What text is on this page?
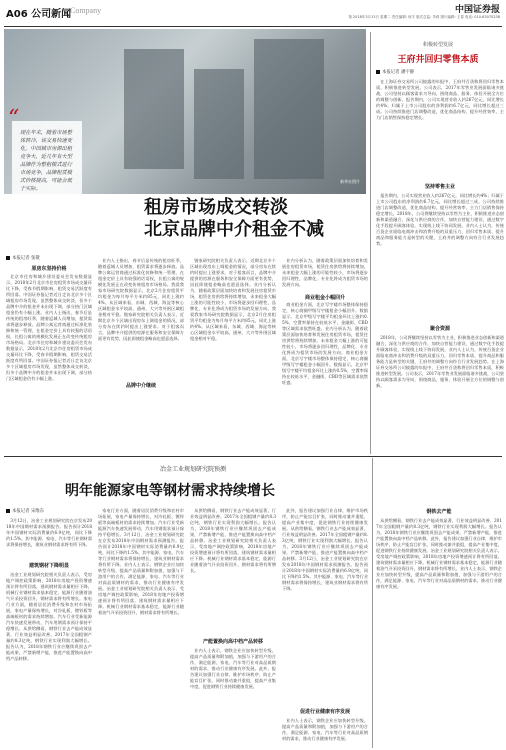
A06 公司新闻
Company	中国证券报
第 2018年3月13日 星期二 责任编辑: 何宇 版式总监: 毕莉 图片编辑: 王春 电话: 010-63070238
新华社图片
“
现在年末，随着市场整体转冷，该交易快速变化，中国城市房源出租竞争大，近几年有大型品牌作为整租模式进行市场竞争，品牌租赁模式价格提高，可能会低于实际。
租房市场成交转淡
北京品牌中介租金不减
本报记者 张敬
原房东坚持价格
北京市住房和城乡建设委员会发布数据显示，2018年2月北京市住房租赁市场成交量环比下降，受春节假期影响，租赁交易活跃度有所回落。中国证券报记者近日走访北京多个区域租房市场发现，虽然整体成交转淡，但多个品牌中介的租金并未出现下调，部分热门区域租金仍有小幅上涨。业内人士指出，春节后是传统的租房旺季，随着返城人员增加，租赁需求将逐步释放。品牌公寓运营商通过标准化装修和统一管理，在租金定价上具有较强的话语权，长租公寓的规模化发展正在改变传统租房市场格局。北京市住房和城乡建设委员会发布数据显示，2018年2月北京市住房租赁市场成交量环比下降，受春节假期影响，租赁交易活跃度有所回落。中国证券报记者近日走访北京多个区域租房市场发现，虽然整体成交转淡，但多个品牌中介的租金并未出现下调，部分热门区域租金仍有小幅上涨。
业内人士指出，春节后是传统的租房旺季，随着返城人员增加，租赁需求将逐步释放。品牌公寓运营商通过标准化装修和统一管理，在租金定价上具有较强的话语权，长租公寓的规模化发展正在改变传统租房市场格局。我爱我家市场研究院数据显示，北京2月住房租赁平均租金为每月每平方米约85元，同比上涨约4%。从区域来看，东城、西城、海淀等核心区域租金水平较高，通州、大兴等外围区域租金相对平稳。链家研究院相关负责人表示，近期北京多个区域出现房东上调租金的情况，部分房东在续约时提出上涨要求。对于租客而言，品牌中介提供的房源在服务和安全保障方面更有优势，因此即使租金略高也愿意选择。
品牌中介继续
链家研究院相关负责人表示，近期北京多个区域出现房东上调租金的情况，部分房东在续约时提出上涨要求。对于租客而言，品牌中介提供的房源在服务和安全保障方面更有优势，因此即使租金略高也愿意选择。业内分析认为，随着政策层面加快培育和发展住房租赁市场，租赁住房供给将持续增加，未来租金大幅上涨的可能性较小，市场将逐步回归理性，品牌化、专业化将成为租赁市场的发展方向。我爱我家市场研究院数据显示，北京2月住房租赁平均租金为每月每平方米约85元，同比上涨约4%。从区域来看，东城、西城、海淀等核心区域租金水平较高，通州、大兴等外围区域租金相对平稳。
商业租金小幅回升
业内分析认为，随着政策层面加快培育和发展住房租赁市场，租赁住房供给将持续增加，未来租金大幅上涨的可能性较小，市场将逐步回归理性，品牌化、专业化将成为租赁市场的发展方向。
商业租金方面，北京写字楼市场整体保持稳定，核心商圈甲级写字楼租金小幅回升。数据显示，北京甲级写字楼平均租金环比上涨约0.5%，空置率保持在较低水平，金融街、CBD等区域需求依然旺盛。业内分析认为，随着政策层面加快培育和发展住房租赁市场，租赁住房供给将持续增加，未来租金大幅上涨的可能性较小，市场将逐步回归理性，品牌化、专业化将成为租赁市场的发展方向。商业租金方面，北京写字楼市场整体保持稳定，核心商圈甲级写字楼租金小幅回升。数据显示，北京甲级写字楼平均租金环比上涨约0.5%，空置率保持在较低水平，金融街、CBD等区域需求依然旺盛。
积极转型发展
王府井回归零售本质
本报记者 潘宇静
在上海证券交易所公司披露的年报中，王府井百货称将回归零售本质，积极推进转型发展。公司表示，2017年零售业发展面临诸多挑战，公司坚持以顾客需求为导向，围绕商品、服务、体验开展全方位的调整与创新。报告期内，公司实现营业收入约267亿元，同比增长约4%；归属于上市公司股东的净利润约6.7亿元，同比增长超过三成。公司持续推进门店调整改造，优化商品结构，提升经营效率，主力门店销售保持稳定增长。
坚持零售主业
报告期内，公司实现营业收入约267亿元，同比增长约4%；归属于上市公司股东的净利润约6.7亿元，同比增长超过三成。公司持续推进门店调整改造，优化商品结构，提升经营效率，主力门店销售保持稳定增长。2018年，公司将继续坚持以零售为主业，积极推进业态创新和渠道融合，深化与供应商的合作，加快自营能力建设，通过数字化手段提升顾客体验，实现线上线下协同发展。业内人士认为，传统百货企业面临电商冲击和消费升级的双重压力，回归零售本质、提升商品和服务能力是转型的关键，王府井的调整方向符合行业发展趋势。
聚合资源
2018年，公司将继续坚持以零售为主业，积极推进业态创新和渠道融合，深化与供应商的合作，加快自营能力建设，通过数字化手段提升顾客体验，实现线上线下协同发展。业内人士认为，传统百货企业面临电商冲击和消费升级的双重压力，回归零售本质、提升商品和服务能力是转型的关键，王府井的调整方向符合行业发展趋势。在上海证券交易所公司披露的年报中，王府井百货称将回归零售本质，积极推进转型发展。公司表示，2017年零售业发展面临诸多挑战，公司坚持以顾客需求为导向，围绕商品、服务、体验开展全方位的调整与创新。
冶金工业规划研究院预测
明年能源家电等钢材需求持续增长
本报记者 宋维东
3月12日，冶金工业规划研究院在京发布2018年中国钢材需求预测报告。报告预计2018年中国钢材实际消费量约6.9亿吨，同比下降约1.5%。其中能源、家电、汽车等行业钢材需求将保持增长，建筑业钢材需求将有所下降。
建筑钢材下降明显
冶金工业规划研究院相关负责人表示，受房地产调控政策影响，2018年房地产投资增速预计将有所回落，建筑钢材需求量相应下降。机械行业钢材需求基本稳定，能源行业随着油气开采投资回升，钢材需求将有所增长。家电行业方面，随着居民消费升级和农村市场拓展，家电产量保持增长，对冷轧板、镀锌板等高端板材的需求持续增加。汽车行业受新能源汽车快速发展带动，汽车用钢需求预计保持平稳增长。从供给侧看，钢铁行业去产能成效显著，行业效益明显改善。2017年全国粗钢产量约8.3亿吨，钢铁行业实现利润大幅增长。报告认为，2018年钢铁行业应继续巩固去产能成果，严禁新增产能，推进产能置换向高中档产品转移。
家电行业方面，随着居民消费升级和农村市场拓展，家电产量保持增长，对冷轧板、镀锌板等高端板材的需求持续增加。汽车行业受新能源汽车快速发展带动，汽车用钢需求预计保持平稳增长。3月12日，冶金工业规划研究院在京发布2018年中国钢材需求预测报告。报告预计2018年中国钢材实际消费量约6.9亿吨，同比下降约1.5%。其中能源、家电、汽车等行业钢材需求将保持增长，建筑业钢材需求将有所下降。业内人士表示，钢铁企业应加快转型升级，提高产品质量和附加值，加强与下游用户的合作，满足能源、家电、汽车等行业对高品质钢材的需求，推动行业健康有序发展。冶金工业规划研究院相关负责人表示，受房地产调控政策影响，2018年房地产投资增速预计将有所回落，建筑钢材需求量相应下降。机械行业钢材需求基本稳定，能源行业随着油气开采投资回升，钢材需求将有所增长。
从供给侧看，钢铁行业去产能成效显著，行业效益明显改善。2017年全国粗钢产量约8.3亿吨，钢铁行业实现利润大幅增长。报告认为，2018年钢铁行业应继续巩固去产能成果，严禁新增产能，推进产能置换向高中档产品转移。冶金工业规划研究院相关负责人表示，受房地产调控政策影响，2018年房地产投资增速预计将有所回落，建筑钢材需求量相应下降。机械行业钢材需求基本稳定，能源行业随着油气开采投资回升，钢材需求将有所增长。
产能置换向高中档产品转移
业内人士表示，钢铁企业应加快转型升级，提高产品质量和附加值，加强与下游用户的合作，满足能源、家电、汽车等行业对高品质钢材的需求，推动行业健康有序发展。此外，报告建议加强行业自律，维护市场秩序，防止产能盲目扩张，同时推动兼并重组，提高产业集中度，促进钢铁行业持续健康发展。
此外，报告建议加强行业自律，维护市场秩序，防止产能盲目扩张，同时推动兼并重组，提高产业集中度，促进钢铁行业持续健康发展。从供给侧看，钢铁行业去产能成效显著，行业效益明显改善。2017年全国粗钢产量约8.3亿吨，钢铁行业实现利润大幅增长。报告认为，2018年钢铁行业应继续巩固去产能成果，严禁新增产能，推进产能置换向高中档产品转移。3月12日，冶金工业规划研究院在京发布2018年中国钢材需求预测报告。报告预计2018年中国钢材实际消费量约6.9亿吨，同比下降约1.5%。其中能源、家电、汽车等行业钢材需求将保持增长，建筑业钢材需求将有所下降。
促进行业健康有序发展
业内人士表示，钢铁企业应加快转型升级，提高产品质量和附加值，加强与下游用户的合作，满足能源、家电、汽车等行业对高品质钢材的需求，推动行业健康有序发展。
钢铁去产能
从供给侧看，钢铁行业去产能成效显著，行业效益明显改善。2017年全国粗钢产量约8.3亿吨，钢铁行业实现利润大幅增长。报告认为，2018年钢铁行业应继续巩固去产能成果，严禁新增产能，推进产能置换向高中档产品转移。此外，报告建议加强行业自律，维护市场秩序，防止产能盲目扩张，同时推动兼并重组，提高产业集中度，促进钢铁行业持续健康发展。冶金工业规划研究院相关负责人表示，受房地产调控政策影响，2018年房地产投资增速预计将有所回落，建筑钢材需求量相应下降。机械行业钢材需求基本稳定，能源行业随着油气开采投资回升，钢材需求将有所增长。业内人士表示，钢铁企业应加快转型升级，提高产品质量和附加值，加强与下游用户的合作，满足能源、家电、汽车等行业对高品质钢材的需求，推动行业健康有序发展。
